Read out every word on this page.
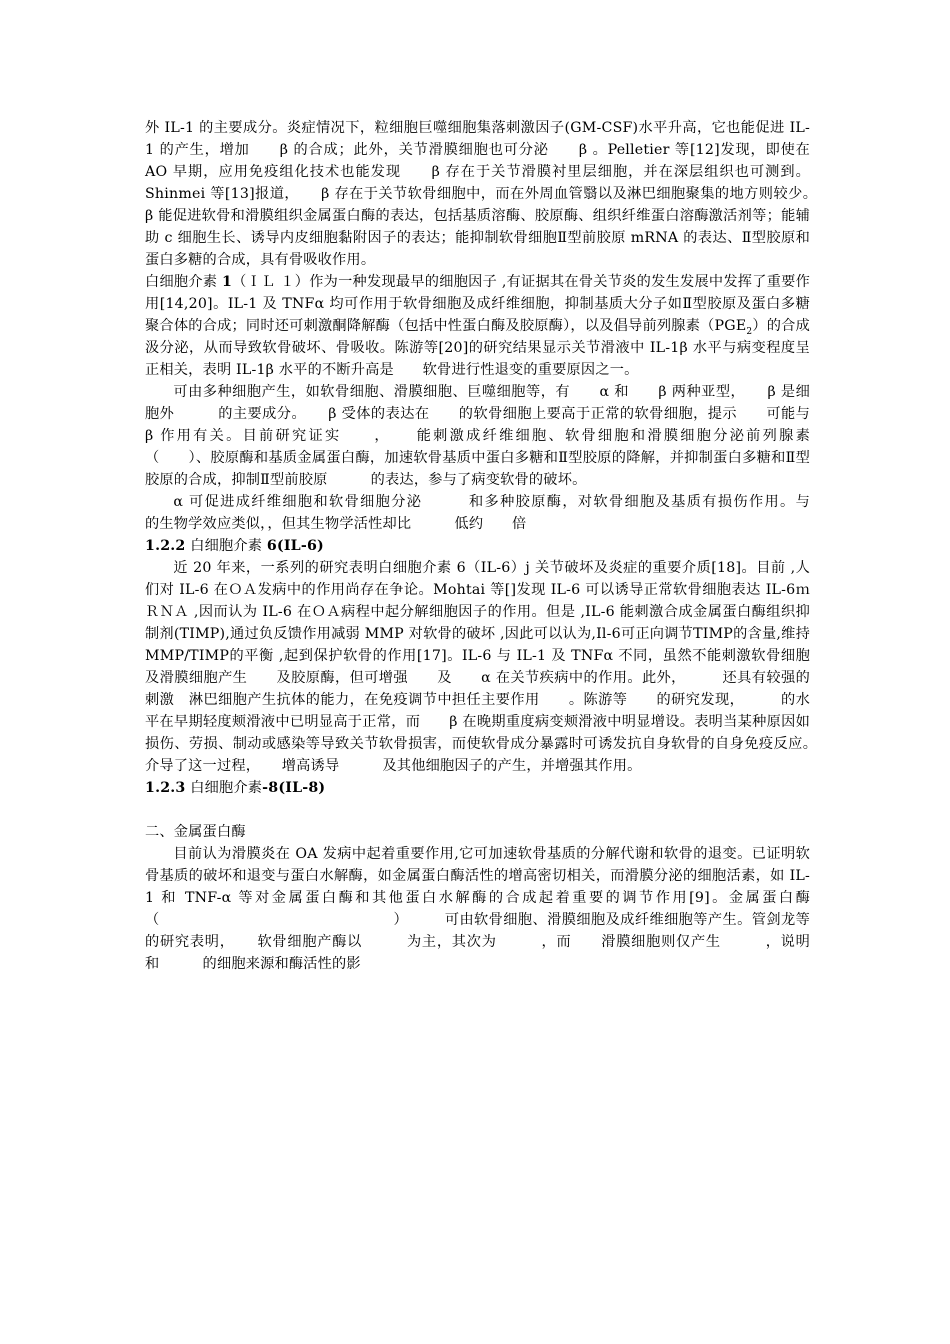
外 IL-1 的主要成分。炎症情况下，粒细胞巨噬细胞集落刺激因子(GM-CSF)水平升高，它也能促进 IL-1 的产生，增加　　β 的合成；此外，关节滑膜细胞也可分泌　　β 。Pelletier 等[12]发现，即使在 AO 早期，应用免疫组化技术也能发现　　β 存在于关节滑膜衬里层细胞，并在深层组织也可测到。Shinmei 等[13]报道，　　β 存在于关节软骨细胞中，而在外周血管翳以及淋巴细胞聚集的地方则较少。　　β 能促进软骨和滑膜组织金属蛋白酶的表达，包括基质溶酶、胶原酶、组织纤维蛋白溶酶激活剂等；能辅助 c 细胞生长、诱导内皮细胞黏附因子的表达；能抑制软骨细胞Ⅱ型前胶原 mRNA 的表达、Ⅱ型胶原和蛋白多糖的合成，具有骨吸收作用。

白细胞介素 1（ＩＬ １）作为一种发现最早的细胞因子 ,有证据其在骨关节炎的发生发展中发挥了重要作用[14,20]。IL-1 及 TNFα 均可作用于软骨细胞及成纤维细胞，抑制基质大分子如Ⅱ型胶原及蛋白多糖聚合体的合成；同时还可刺激酮降解酶（包括中性蛋白酶及胶原酶），以及倡导前列腺素$(PGE_2)$的合成汲分泌，从而导致软骨破坏、骨吸收。陈游等[20]的研究结果显示关节滑液中 IL-1β 水平与病变程度呈正相关，表明 IL-1β 水平的不断升高是　　软骨进行性退变的重要原因之一。

可由多种细胞产生，如软骨细胞、滑膜细胞、巨噬细胞等，有　　α 和　　β 两种亚型，　　β 是细胞外　　　的主要成分。　　β 受体的表达在　　的软骨细胞上要高于正常的软骨细胞，提示　　可能与　　　β 作用有关。目前研究证实　　，　　能刺激成纤维细胞、软骨细胞和滑膜细胞分泌前列腺素　　（　　）、胶原酶和基质金属蛋白酶，加速软骨基质中蛋白多糖和Ⅱ型胶原的降解，并抑制蛋白多糖和Ⅱ型胶原的合成，抑制Ⅱ型前胶原　　　的表达，参与了病变软骨的破坏。

α 可促进成纤维细胞和软骨细胞分泌　　　和多种胶原酶，对软骨细胞及基质有损伤作用。与　　　的生物学效应类似，，但其生物学活性却比　　　低约　　倍

1.2.2 白细胞介素 6(IL-6)

近 20 年来，一系列的研究表明白细胞介素 6（IL-6）j 关节破坏及炎症的重要介质[18]。目前 ,人们对 IL-6 在ＯＡ发病中的作用尚存在争论。Mohtai 等[]发现 IL-6 可以诱导正常软骨细胞表达 IL-6ｍＲＮＡ ,因而认为 IL-6 在ＯＡ病程中起分解细胞因子的作用。但是 ,IL-6 能刺激合成金属蛋白酶组织抑制剂(TIMP),通过负反馈作用减弱 MMP 对软骨的破坏 ,因此可以认为,Il-6可正向调节TIMP的含量,维持MMP/TIMP的平衡 ,起到保护软骨的作用[17]。IL-6 与 IL-1 及 TNFα 不同，虽然不能刺激软骨细胞及滑膜细胞产生　　及胶原酶，但可增强　　及　　α 在关节疾病中的作用。此外，　　　还具有较强的刺激　淋巴细胞产生抗体的能力，在免疫调节中担任主要作用　　。陈游等　　的研究发现，　　　的水平在早期轻度颊滑液中已明显高于正常，而　　β 在晚期重度病变颊滑液中明显增设。表明当某种原因如损伤、劳损、制动或感染等导致关节软骨损害，而使软骨成分暴露时可诱发抗自身软骨的自身免疫反应。　　介导了这一过程，　　增高诱导　　　及其他细胞因子的产生，并增强其作用。

1.2.3 白细胞介素-8(IL-8)

二、金属蛋白酶

目前认为滑膜炎在 OA 发病中起着重要作用,它可加速软骨基质的分解代谢和软骨的退变。已证明软骨基质的破坏和退变与蛋白水解酶，如金属蛋白酶活性的增高密切相关，而滑膜分泌的细胞活素，如 IL-1 和 TNF-α 等对金属蛋白酶和其他蛋白水解酶的合成起着重要的调节作用[9]。金属蛋白酶（　　　　　　　　　　　　　　　　）　　　可由软骨细胞、滑膜细胞及成纤维细胞等产生。管剑龙等　的研究表明，　　软骨细胞产酶以　　　为主，其次为　　　，而　　滑膜细胞则仅产生　　　，说明　　　和　　　的细胞来源和酶活性的影
